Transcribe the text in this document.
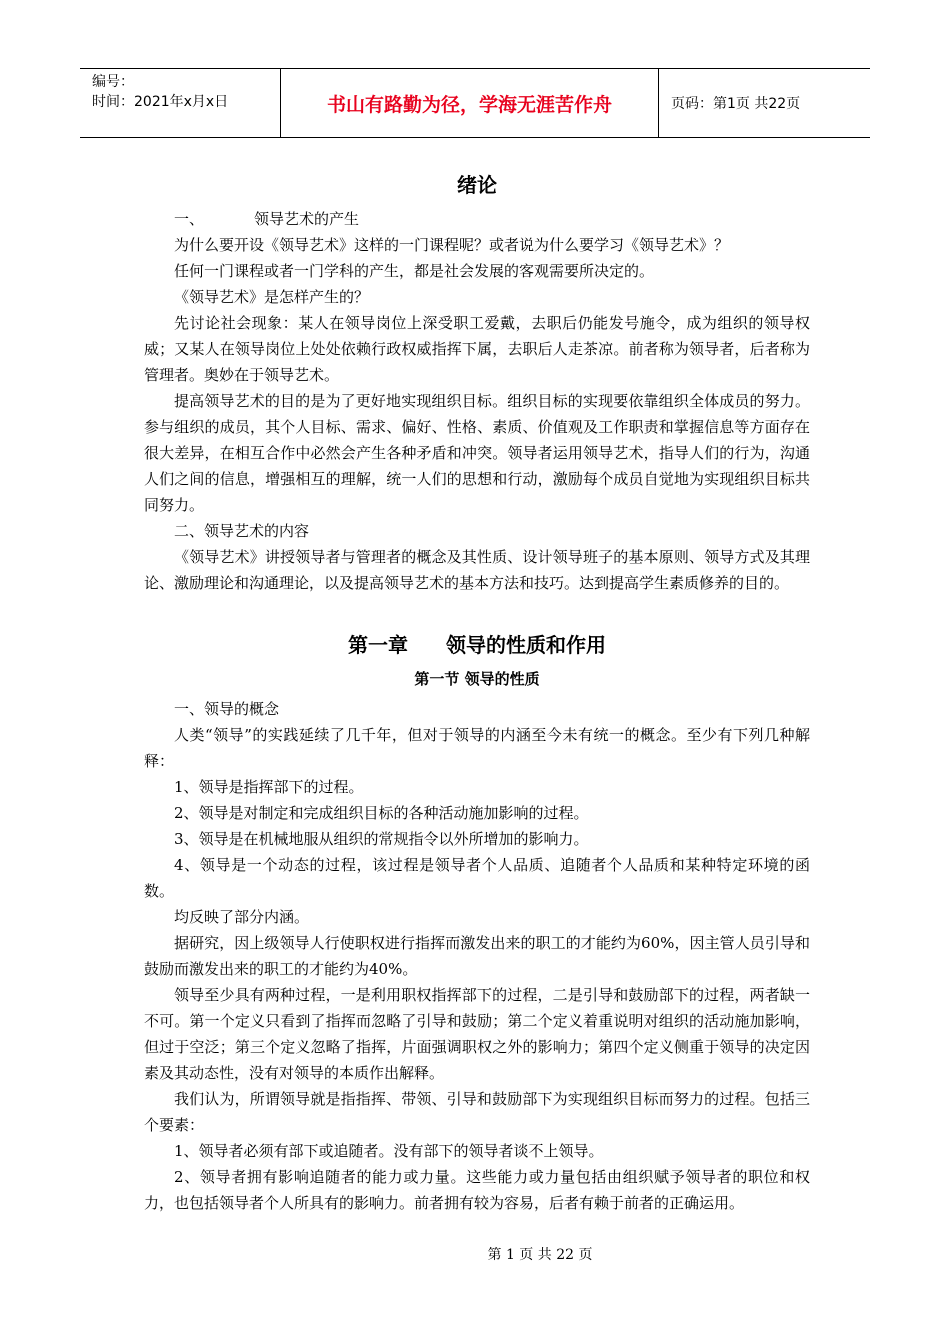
编号：
时间：2021年x月x日	书山有路勤为径，学海无涯苦作舟	页码：第1页 共22页
绪论
一、	领导艺术的产生

为什么要开设《领导艺术》这样的一门课程呢？或者说为什么要学习《领导艺术》？

任何一门课程或者一门学科的产生，都是社会发展的客观需要所决定的。

《领导艺术》是怎样产生的？

先讨论社会现象：某人在领导岗位上深受职工爱戴，去职后仍能发号施令，成为组织的领导权威；又某人在领导岗位上处处依赖行政权威指挥下属，去职后人走茶凉。前者称为领导者，后者称为管理者。奥妙在于领导艺术。

提高领导艺术的目的是为了更好地实现组织目标。组织目标的实现要依靠组织全体成员的努力。参与组织的成员，其个人目标、需求、偏好、性格、素质、价值观及工作职责和掌握信息等方面存在很大差异，在相互合作中必然会产生各种矛盾和冲突。领导者运用领导艺术，指导人们的行为，沟通人们之间的信息，增强相互的理解，统一人们的思想和行动，激励每个成员自觉地为实现组织目标共同努力。

二、领导艺术的内容

《领导艺术》讲授领导者与管理者的概念及其性质、设计领导班子的基本原则、领导方式及其理论、激励理论和沟通理论，以及提高领导艺术的基本方法和技巧。达到提高学生素质修养的目的。

第一章 领导的性质和作用
第一节 领导的性质

一、领导的概念

人类“领导”的实践延续了几千年，但对于领导的内涵至今未有统一的概念。至少有下列几种解释：

1、领导是指挥部下的过程。

2、领导是对制定和完成组织目标的各种活动施加影响的过程。

3、领导是在机械地服从组织的常规指令以外所增加的影响力。

4、领导是一个动态的过程，该过程是领导者个人品质、追随者个人品质和某种特定环境的函数。

均反映了部分内涵。

据研究，因上级领导人行使职权进行指挥而激发出来的职工的才能约为60%，因主管人员引导和鼓励而激发出来的职工的才能约为40%。

领导至少具有两种过程，一是利用职权指挥部下的过程，二是引导和鼓励部下的过程，两者缺一不可。第一个定义只看到了指挥而忽略了引导和鼓励；第二个定义着重说明对组织的活动施加影响，但过于空泛；第三个定义忽略了指挥，片面强调职权之外的影响力；第四个定义侧重于领导的决定因素及其动态性，没有对领导的本质作出解释。

我们认为，所谓领导就是指指挥、带领、引导和鼓励部下为实现组织目标而努力的过程。包括三个要素：

1、领导者必须有部下或追随者。没有部下的领导者谈不上领导。

2、领导者拥有影响追随者的能力或力量。这些能力或力量包括由组织赋予领导者的职位和权力，也包括领导者个人所具有的影响力。前者拥有较为容易，后者有赖于前者的正确运用。

第 1 页 共 22 页
